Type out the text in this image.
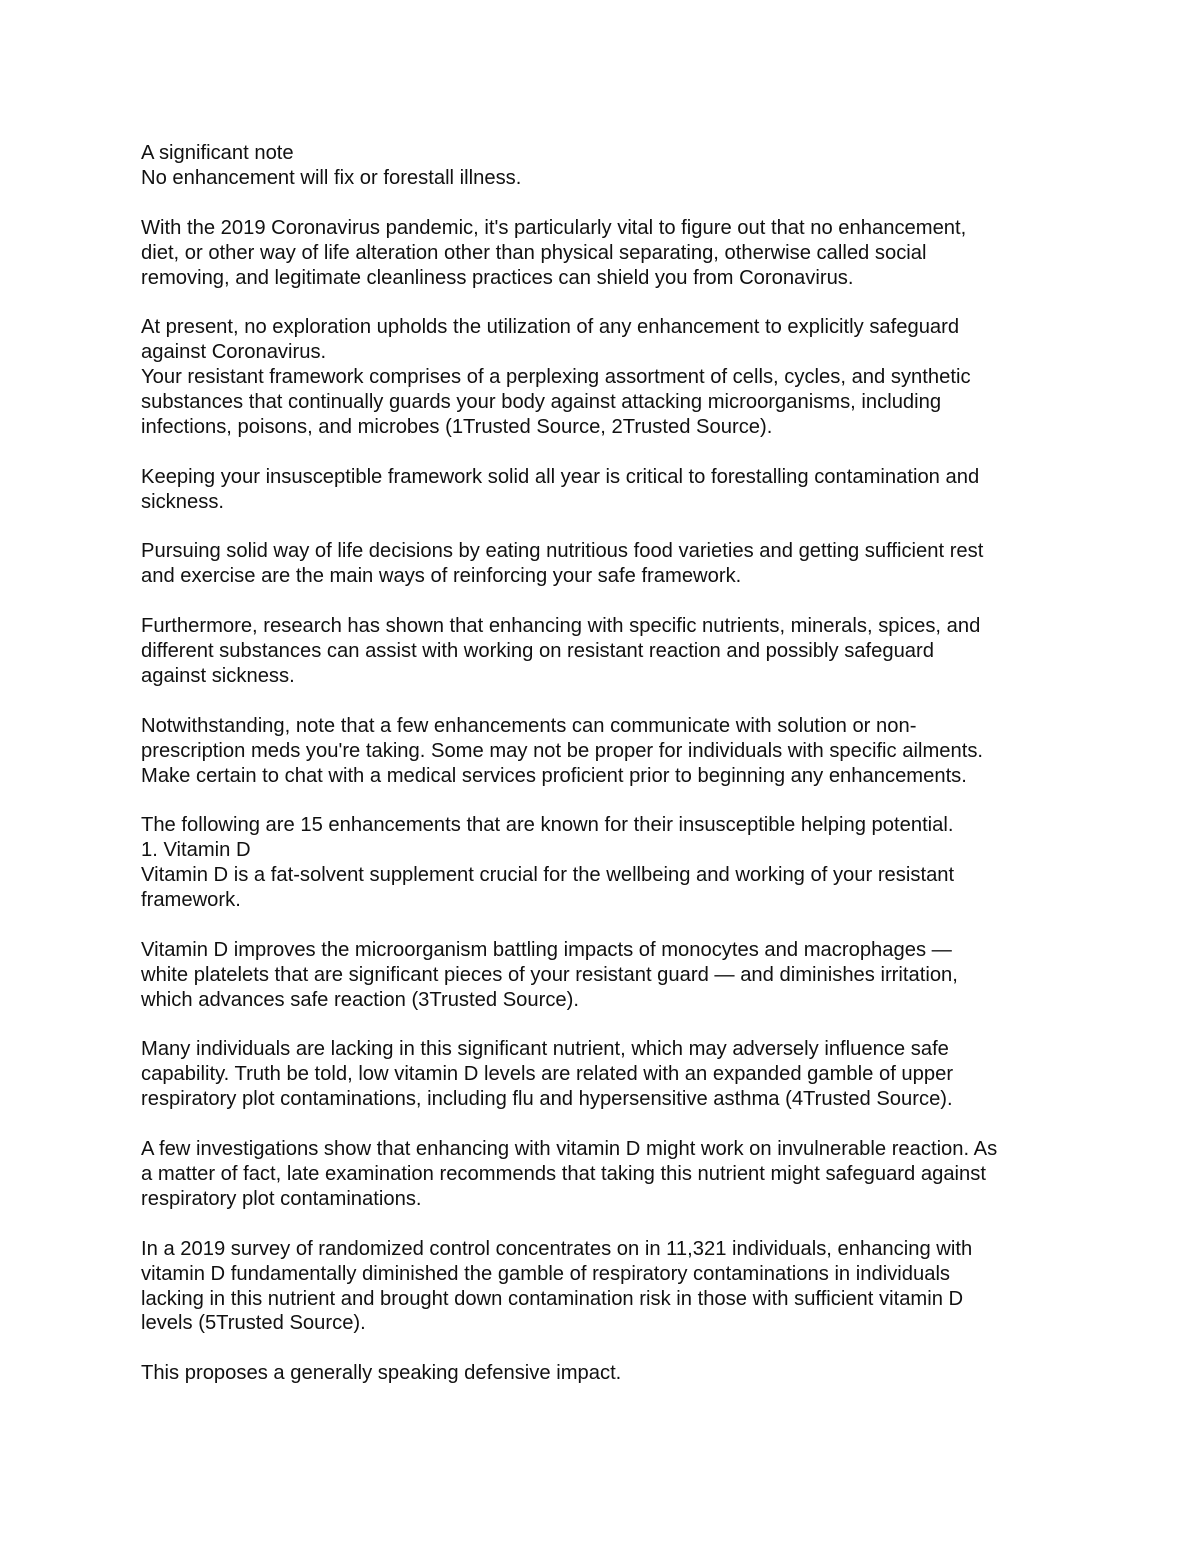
A significant note
No enhancement will fix or forestall illness.
With the 2019 Coronavirus pandemic, it's particularly vital to figure out that no enhancement,
diet, or other way of life alteration other than physical separating, otherwise called social
removing, and legitimate cleanliness practices can shield you from Coronavirus.
At present, no exploration upholds the utilization of any enhancement to explicitly safeguard
against Coronavirus.
Your resistant framework comprises of a perplexing assortment of cells, cycles, and synthetic
substances that continually guards your body against attacking microorganisms, including
infections, poisons, and microbes (1Trusted Source, 2Trusted Source).
Keeping your insusceptible framework solid all year is critical to forestalling contamination and
sickness.
Pursuing solid way of life decisions by eating nutritious food varieties and getting sufficient rest
and exercise are the main ways of reinforcing your safe framework.
Furthermore, research has shown that enhancing with specific nutrients, minerals, spices, and
different substances can assist with working on resistant reaction and possibly safeguard
against sickness.
Notwithstanding, note that a few enhancements can communicate with solution or non-
prescription meds you're taking. Some may not be proper for individuals with specific ailments.
Make certain to chat with a medical services proficient prior to beginning any enhancements.
The following are 15 enhancements that are known for their insusceptible helping potential.
1. Vitamin D
Vitamin D is a fat-solvent supplement crucial for the wellbeing and working of your resistant
framework.
Vitamin D improves the microorganism battling impacts of monocytes and macrophages —
white platelets that are significant pieces of your resistant guard — and diminishes irritation,
which advances safe reaction (3Trusted Source).
Many individuals are lacking in this significant nutrient, which may adversely influence safe
capability. Truth be told, low vitamin D levels are related with an expanded gamble of upper
respiratory plot contaminations, including flu and hypersensitive asthma (4Trusted Source).
A few investigations show that enhancing with vitamin D might work on invulnerable reaction. As
a matter of fact, late examination recommends that taking this nutrient might safeguard against
respiratory plot contaminations.
In a 2019 survey of randomized control concentrates on in 11,321 individuals, enhancing with
vitamin D fundamentally diminished the gamble of respiratory contaminations in individuals
lacking in this nutrient and brought down contamination risk in those with sufficient vitamin D
levels (5Trusted Source).
This proposes a generally speaking defensive impact.
